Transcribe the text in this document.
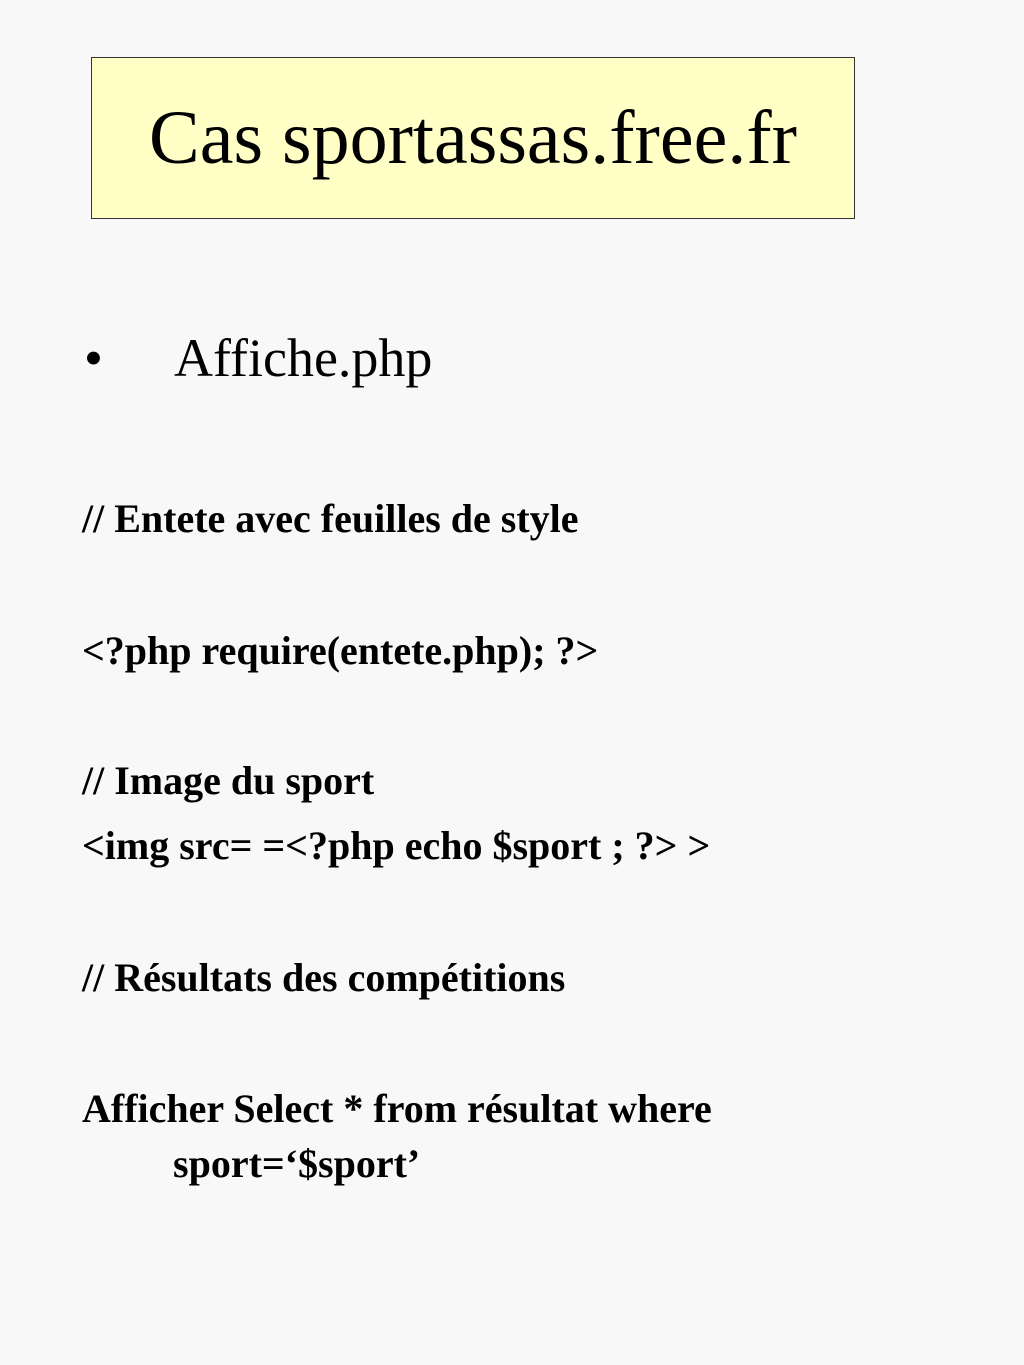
Cas sportassas.free.fr
• Affiche.php
// Entete avec feuilles de style
<?php require(entete.php); ?>
// Image du sport
<img src= =<?php echo $sport ; ?> >
// Résultats des compétitions
Afficher Select * from résultat where
sport=‘$sport’
